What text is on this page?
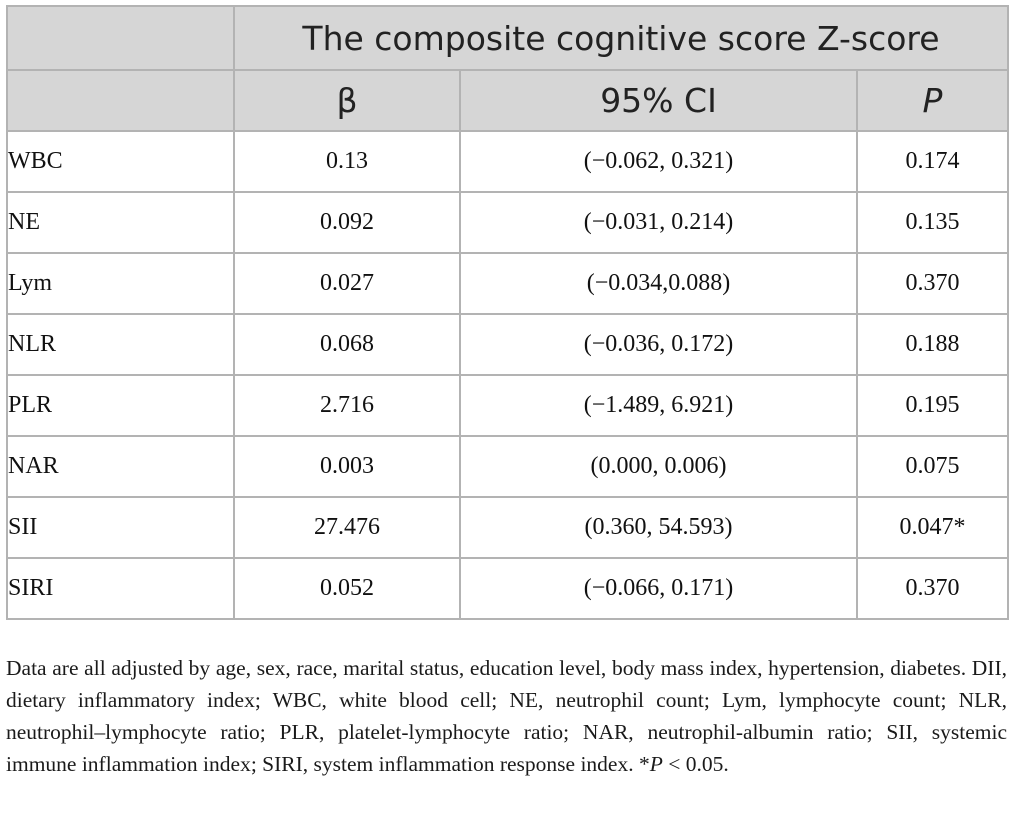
	The composite cognitive score Z-score		
	β	95% CI	P
WBC	0.13	(−0.062, 0.321)	0.174
NE	0.092	(−0.031, 0.214)	0.135
Lym	0.027	(−0.034,0.088)	0.370
NLR	0.068	(−0.036, 0.172)	0.188
PLR	2.716	(−1.489, 6.921)	0.195
NAR	0.003	(0.000, 0.006)	0.075
SII	27.476	(0.360, 54.593)	0.047*
SIRI	0.052	(−0.066, 0.171)	0.370
Data are all adjusted by age, sex, race, marital status, education level, body mass index, hypertension, diabetes. DII, dietary inflammatory index; WBC, white blood cell; NE, neutrophil count; Lym, lymphocyte count; NLR, neutrophil–lymphocyte ratio; PLR, platelet-lymphocyte ratio; NAR, neutrophil-albumin ratio; SII, systemic immune inflammation index; SIRI, system inflammation response index. *P < 0.05.
